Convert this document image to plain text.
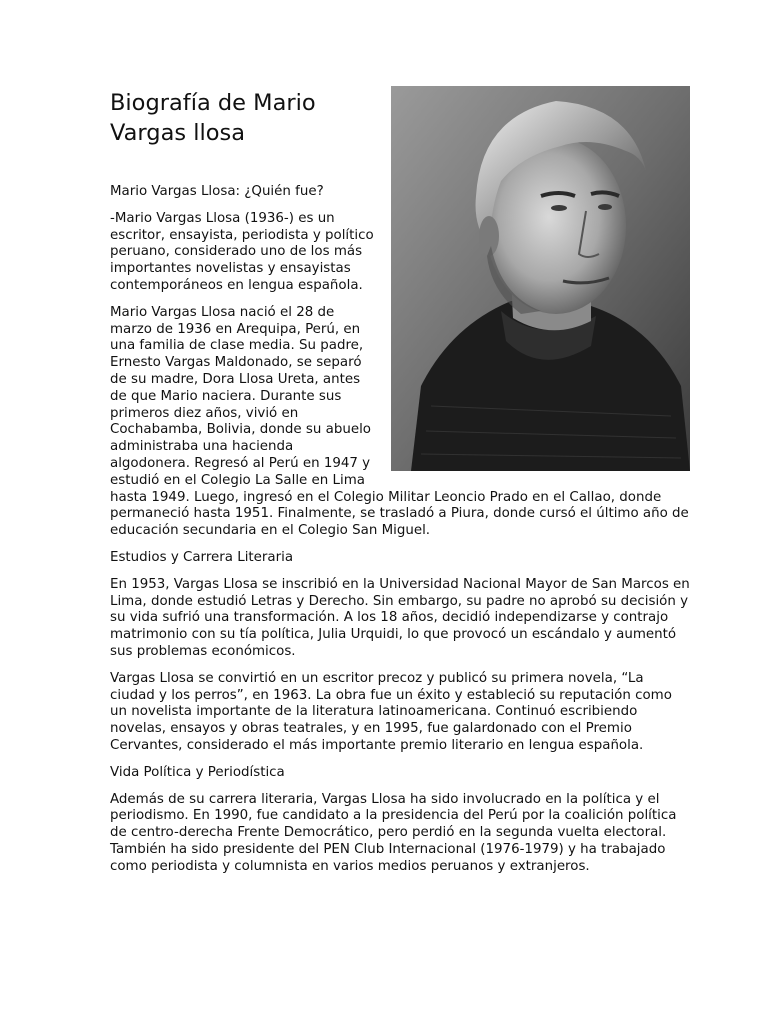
Biografía de Mario Vargas llosa

Mario Vargas Llosa: ¿Quién fue?

-Mario Vargas Llosa (1936-) es un escritor, ensayista, periodista y político peruano, considerado uno de los más importantes novelistas y ensayistas contemporáneos en lengua española.

Mario Vargas Llosa nació el 28 de marzo de 1936 en Arequipa, Perú, en una familia de clase media. Su padre, Ernesto Vargas Maldonado, se separó de su madre, Dora Llosa Ureta, antes de que Mario naciera. Durante sus primeros diez años, vivió en Cochabamba, Bolivia, donde su abuelo administraba una hacienda algodonera. Regresó al Perú en 1947 y estudió en el Colegio La Salle en Lima hasta 1949. Luego, ingresó en el Colegio Militar Leoncio Prado en el Callao, donde permaneció hasta 1951. Finalmente, se trasladó a Piura, donde cursó el último año de educación secundaria en el Colegio San Miguel.

Estudios y Carrera Literaria

En 1953, Vargas Llosa se inscribió en la Universidad Nacional Mayor de San Marcos en Lima, donde estudió Letras y Derecho. Sin embargo, su padre no aprobó su decisión y su vida sufrió una transformación. A los 18 años, decidió independizarse y contrajo matrimonio con su tía política, Julia Urquidi, lo que provocó un escándalo y aumentó sus problemas económicos.

Vargas Llosa se convirtió en un escritor precoz y publicó su primera novela, “La ciudad y los perros”, en 1963. La obra fue un éxito y estableció su reputación como un novelista importante de la literatura latinoamericana. Continuó escribiendo novelas, ensayos y obras teatrales, y en 1995, fue galardonado con el Premio Cervantes, considerado el más importante premio literario en lengua española.

Vida Política y Periodística

Además de su carrera literaria, Vargas Llosa ha sido involucrado en la política y el periodismo. En 1990, fue candidato a la presidencia del Perú por la coalición política de centro-derecha Frente Democrático, pero perdió en la segunda vuelta electoral. También ha sido presidente del PEN Club Internacional (1976-1979) y ha trabajado como periodista y columnista en varios medios peruanos y extranjeros.
